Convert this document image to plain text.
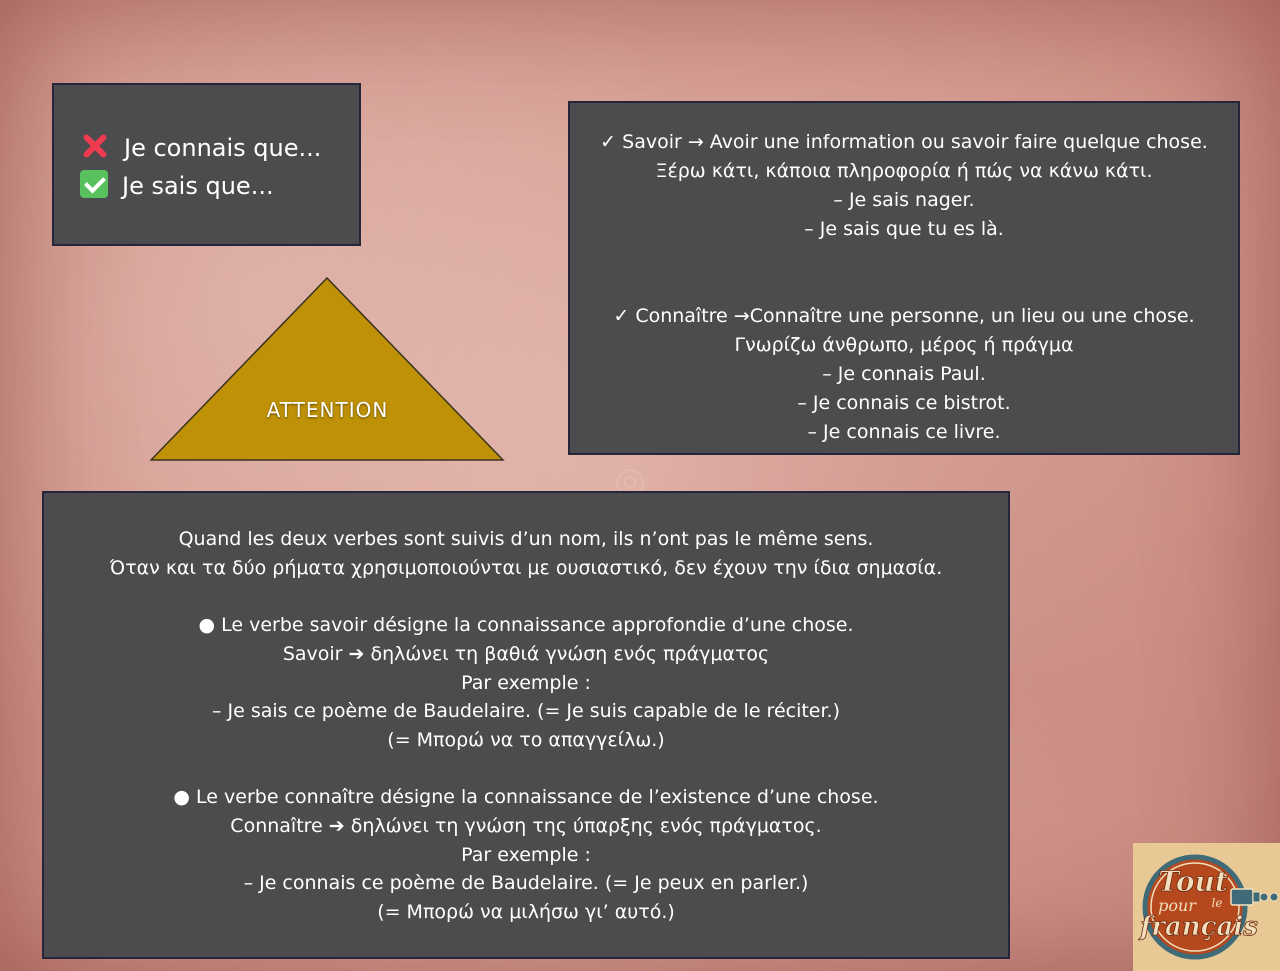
◎
Je connais que...
Je sais que...
ATTENTION
✓ Savoir → Avoir une information ou savoir faire quelque chose.
Ξέρω κάτι, κάποια πληροφορία ή πώς να κάνω κάτι.
– Je sais nager.
– Je sais que tu es là.
✓ Connaître →Connaître une personne, un lieu ou une chose.
Γνωρίζω άνθρωπο, μέρος ή πράγμα
– Je connais Paul.
– Je connais ce bistrot.
– Je connais ce livre.
Quand les deux verbes sont suivis d’un nom, ils n’ont pas le même sens.
Όταν και τα δύο ρήματα χρησιμοποιούνται με ουσιαστικό, δεν έχουν την ίδια σημασία.
● Le verbe savoir désigne la connaissance approfondie d’une chose.
Savoir ➔ δηλώνει τη βαθιά γνώση ενός πράγματος
Par exemple :
– Je sais ce poème de Baudelaire. (= Je suis capable de le réciter.)
(= Μπορώ να το απαγγείλω.)
● Le verbe connaître désigne la connaissance de l’existence d’une chose.
Connaître ➔ δηλώνει τη γνώση της ύπαρξης ενός πράγματος.
Par exemple :
– Je connais ce poème de Baudelaire. (= Je peux en parler.)
(= Μπορώ να μιλήσω γι’ αυτό.)
Tout
pour le
français
